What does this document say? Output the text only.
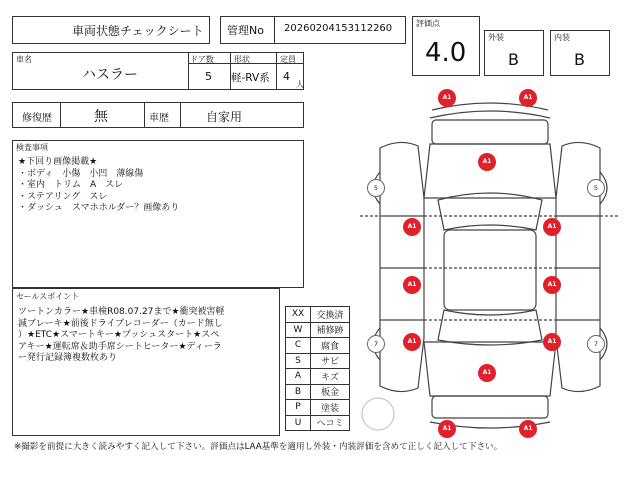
車両状態チェックシート 管理No 20260204153112260	評価点
4.0
外装
B
内装
B
車名
ハスラー
ドア数
5
形状
軽-RV系
定員
4
人
修復歴	無	車歴	自家用
検査事項
★下回り画像掲載★
・ボディ　小傷　小凹　薄線傷
・室内　トリム　A　スレ
・ステアリング　スレ
・ダッシュ　スマホホルダー？画像あり
セールスポイント
ツートンカラー★車検R08.07.27まで★衝突被害軽
減ブレーキ★前後ドライブレコーダー（カード無し
）★ETC★スマートキー★プッシュスタート★スペ
アキー★運転席＆助手席シートヒーター★ディーラ
ー発行記録簿複数枚あり
XX	交換済
W	補修跡
C	腐食
S	サビ
A	キズ
B	板金
P	塗装
U	ヘコミ
5	5
7	7
A1	A1
A1
A1	A1
A1	A1
A1	A1
A1
A1	A1
※撮影を前提に大きく読みやすく記入して下さい。評価点はLAA基準を適用し外装・内装評価を含めて正しく記入して下さい。
